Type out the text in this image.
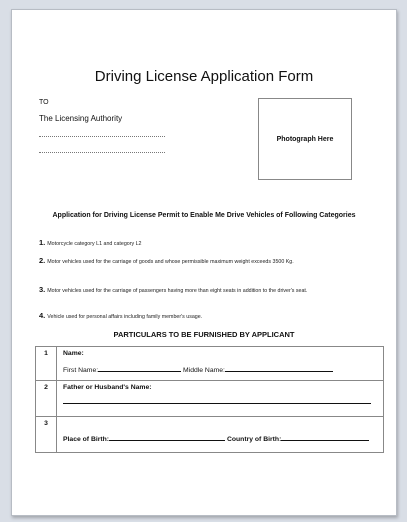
Driving License Application Form
TO
The Licensing Authority
Photograph Here
Application for Driving License Permit to Enable Me Drive Vehicles of Following Categories
1. Motorcycle category L1 and category L2
2. Motor vehicles used for the carriage of goods and whose permissible maximum weight exceeds 3500 Kg.
3. Motor vehicles used for the carriage of passengers having more than eight seats in addition to the driver's seat.
4. Vehicle used for personal affairs including family member's usage.
PARTICULARS TO BE FURNISHED BY APPLICANT
1	Name:
First Name: Middle Name:

2	Father or Husband's Name:

3	Place of Birth: Country of Birth:
